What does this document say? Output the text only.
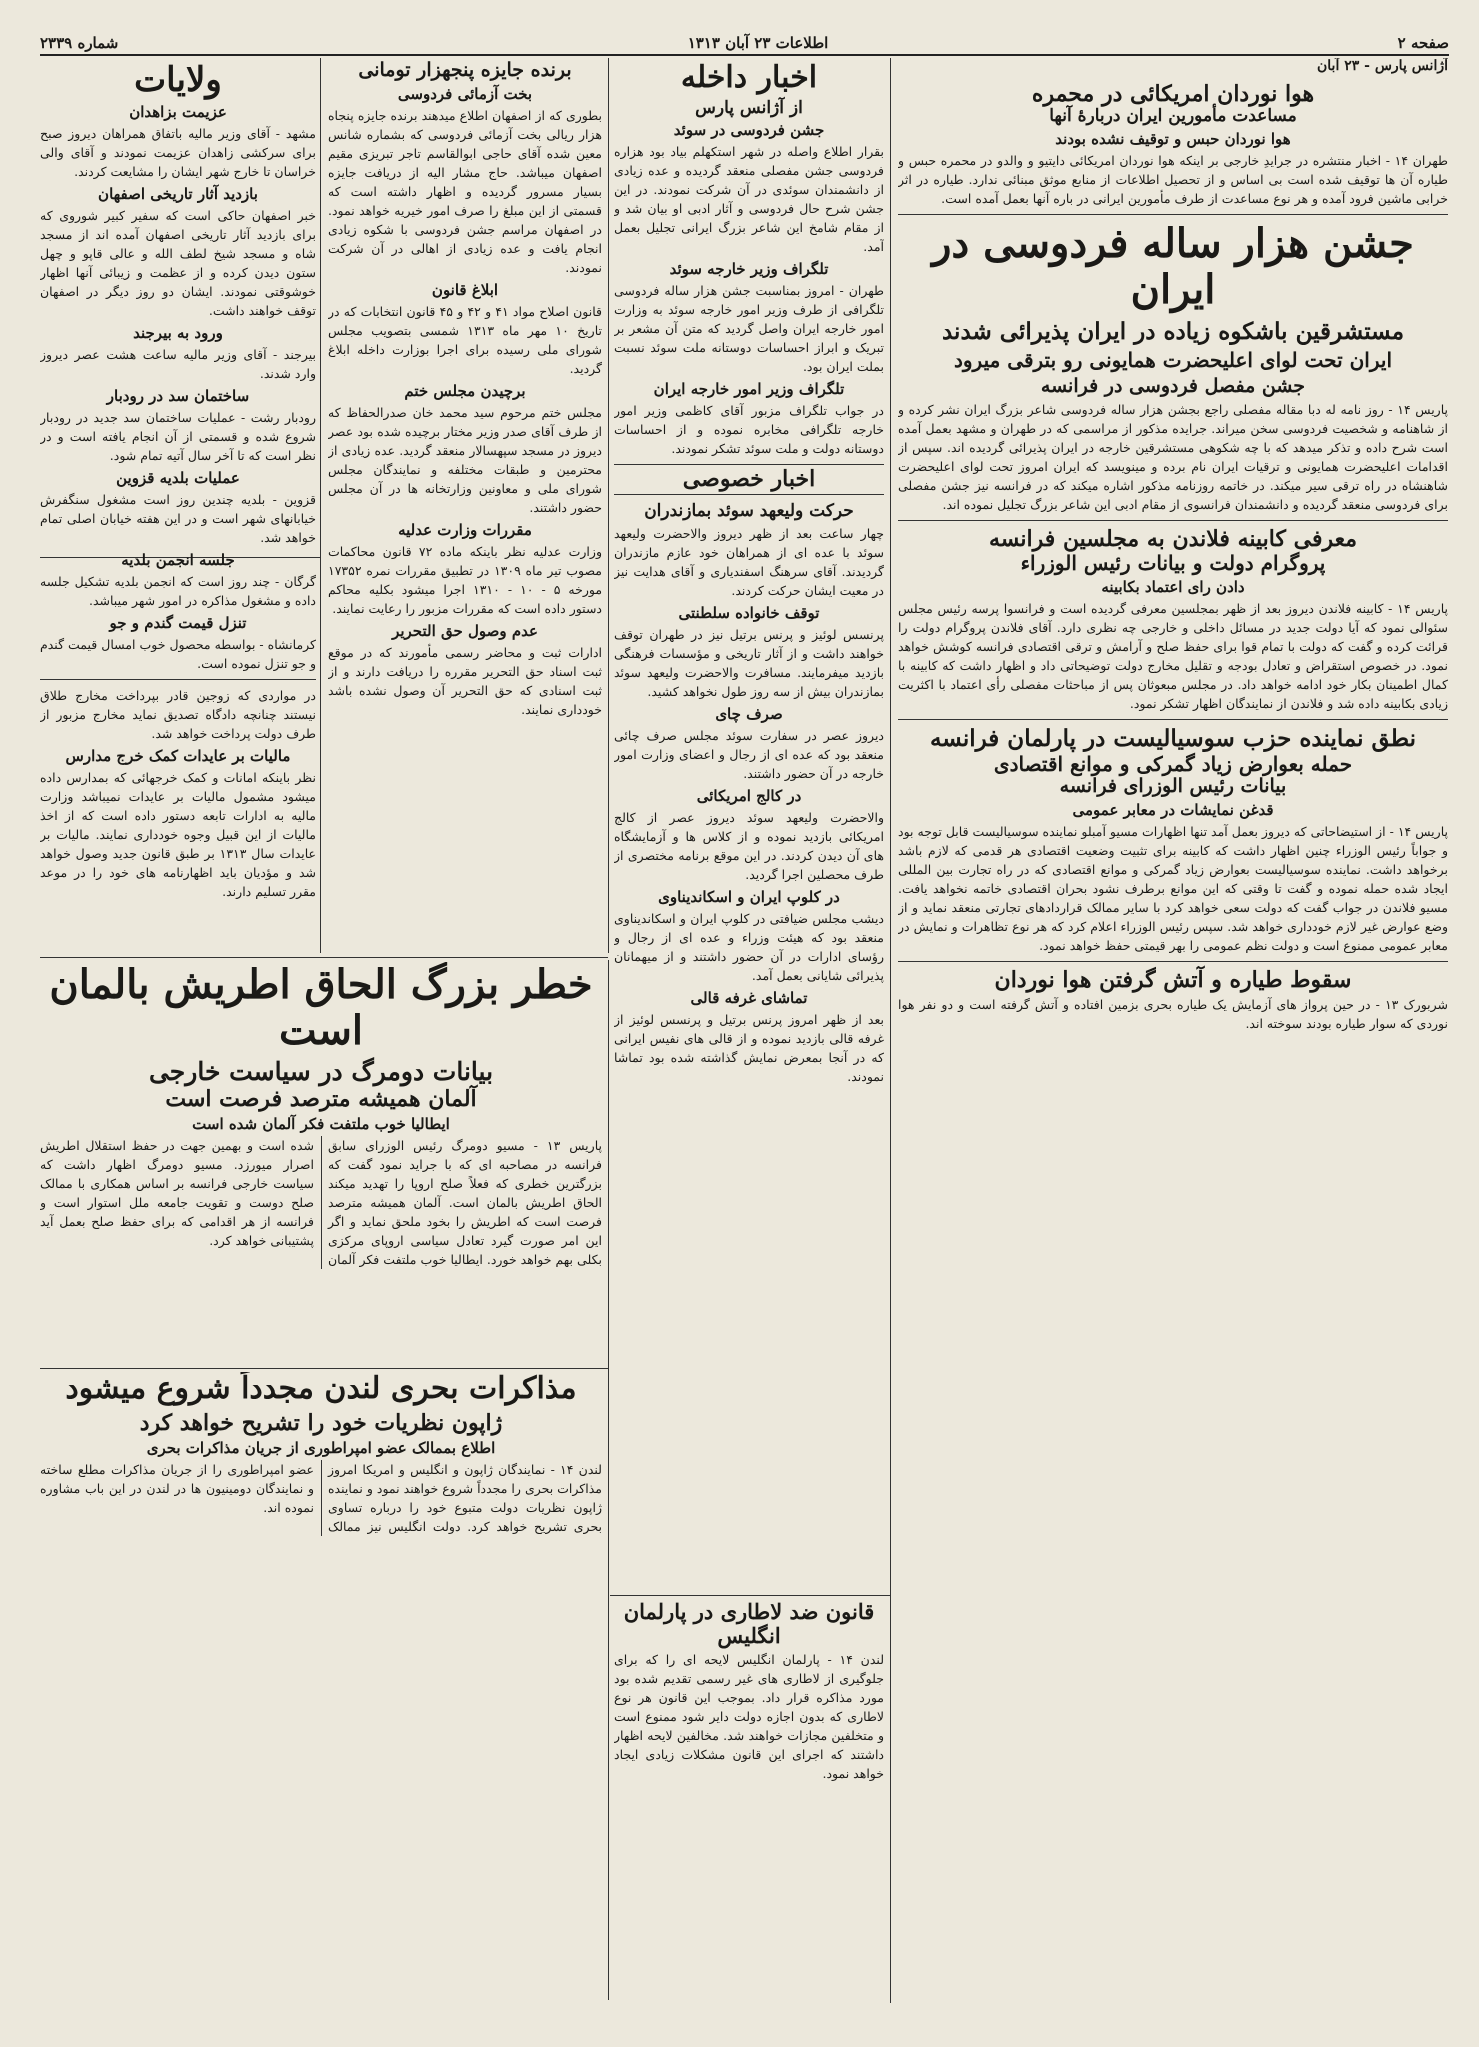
صفحه ۲
اطلاعات ۲۳ آبان ۱۳۱۳
شماره ۲۳۳۹
آژانس پارس - ۲۳ آبان
هوا نوردان امریکائی در محمره
مساعدت مأمورین ایران دربارهٔ آنها
هوا نوردان حبس و توقیف نشده بودند

طهران ۱۴ - اخبار منتشره در جرایدِ خارجی بر اینکه هوا نوردان امریکائی دایتیو و والدو در محمره حبس و طیاره آن ها توقیف شده است بی اساس و از تحصیل اطلاعات از منابع موثق مبنائی ندارد. طیاره در اثر خرابی ماشین فرود آمده و هر نوع مساعدت از طرف مأمورین ایرانی در باره آنها بعمل آمده است.

جشن هزار ساله فردوسی در ایران
مستشرقین باشکوه زیاده در ایران پذیرائی شدند
ایران تحت لوای اعلیحضرت همایونی رو بترقی میرود
جشن مفصل فردوسی در فرانسه

پاریس ۱۴ - روز نامه له دبا مقاله مفصلی راجع بجشن هزار ساله فردوسی شاعر بزرگ ایران نشر کرده و از شاهنامه و شخصیت فردوسی سخن میراند. جرایده مذکور از مراسمی که در طهران و مشهد بعمل آمده است شرح داده و تذکر میدهد که با چه شکوهی مستشرقین خارجه در ایران پذیرائی گردیده اند. سپس از اقدامات اعلیحضرت همایونی و ترقیات ایران نام برده و مینویسد که ایران امروز تحت لوای اعلیحضرت شاهنشاه در راه ترقی سیر میکند. در خاتمه روزنامه مذکور اشاره میکند که در فرانسه نیز جشن مفصلی برای فردوسی منعقد گردیده و دانشمندان فرانسوی از مقام ادبی این شاعر بزرگ تجلیل نموده اند.

معرفی کابینه فلاندن به مجلسین فرانسه
پروگرام دولت و بیانات رئیس الوزراء
دادن رای اعتماد بکابینه

پاریس ۱۴ - کابینه فلاندن دیروز بعد از ظهر بمجلسین معرفی گردیده است و فرانسوا پرسه رئیس مجلس سئوالی نمود که آیا دولت جدید در مسائل داخلی و خارجی چه نظری دارد. آقای فلاندن پروگرام دولت را قرائت کرده و گفت که دولت با تمام قوا برای حفظ صلح و آرامش و ترقی اقتصادی فرانسه کوشش خواهد نمود. در خصوص استقراض و تعادل بودجه و تقلیل مخارج دولت توضیحاتی داد و اظهار داشت که کابینه با کمال اطمینان بکار خود ادامه خواهد داد. در مجلس مبعوثان پس از مباحثات مفصلی رأی اعتماد با اکثریت زیادی بکابینه داده شد و فلاندن از نمایندگان اظهار تشکر نمود.

نطق نماینده حزب سوسیالیست در پارلمان فرانسه
حمله بعوارض زیاد گمرکی و موانع اقتصادی
بیانات رئیس الوزرای فرانسه
قدغن نمایشات در معابر عمومی

پاریس ۱۴ - از استیضاحاتی که دیروز بعمل آمد تنها اظهارات مسیو آمبلو نماینده سوسیالیست قابل توجه بود و جواباً رئیس الوزراء چنین اظهار داشت که کابینه برای تثبیت وضعیت اقتصادی هر قدمی که لازم باشد برخواهد داشت. نماینده سوسیالیست بعوارض زیاد گمرکی و موانع اقتصادی که در راه تجارت بین المللی ایجاد شده حمله نموده و گفت تا وقتی که این موانع برطرف نشود بحران اقتصادی خاتمه نخواهد یافت. مسیو فلاندن در جواب گفت که دولت سعی خواهد کرد با سایر ممالک قراردادهای تجارتی منعقد نماید و از وضع عوارض غیر لازم خودداری خواهد شد. سپس رئیس الوزراء اعلام کرد که هر نوع تظاهرات و نمایش در معابر عمومی ممنوع است و دولت نظم عمومی را بهر قیمتی حفظ خواهد نمود.

سقوط طیاره و آتش گرفتن هوا نوردان

شربورک ۱۳ - در حین پرواز های آزمایش یک طیاره بحری بزمین افتاده و آتش گرفته است و دو نفر هوا نوردی که سوار طیاره بودند سوخته اند.

اخبار داخله
از آژانس پارس
جشن فردوسی در سوئد

بقرار اطلاع واصله در شهر استکهلم بیاد بود هزاره فردوسی جشن مفصلی منعقد گردیده و عده زیادی از دانشمندان سوئدی در آن شرکت نمودند. در این جشن شرح حال فردوسی و آثار ادبی او بیان شد و از مقام شامخ این شاعر بزرگ ایرانی تجلیل بعمل آمد.

تلگراف وزیر خارجه سوئد

طهران - امروز بمناسبت جشن هزار ساله فردوسی تلگرافی از طرف وزیر امور خارجه سوئد به وزارت امور خارجه ایران واصل گردید که متن آن مشعر بر تبریک و ابراز احساسات دوستانه ملت سوئد نسبت بملت ایران بود.

تلگراف وزیر امور خارجه ایران

در جواب تلگراف مزبور آقای کاظمی وزیر امور خارجه تلگرافی مخابره نموده و از احساسات دوستانه دولت و ملت سوئد تشکر نمودند.

اخبار خصوصی
حرکت ولیعهد سوئد بمازندران

چهار ساعت بعد از ظهر دیروز والاحضرت ولیعهد سوئد با عده ای از همراهان خود عازم مازندران گردیدند. آقای سرهنگ اسفندیاری و آقای هدایت نیز در معیت ایشان حرکت کردند.

توقف خانواده سلطنتی

پرنسس لوئیز و پرنس برتیل نیز در طهران توقف خواهند داشت و از آثار تاریخی و مؤسسات فرهنگی بازدید میفرمایند. مسافرت والاحضرت ولیعهد سوئد بمازندران بیش از سه روز طول نخواهد کشید.

صرف چای

دیروز عصر در سفارت سوئد مجلس صرف چائی منعقد بود که عده ای از رجال و اعضای وزارت امور خارجه در آن حضور داشتند.

در کالج امریکائی

والاحضرت ولیعهد سوئد دیروز عصر از کالج امریکائی بازدید نموده و از کلاس ها و آزمایشگاه های آن دیدن کردند. در این موقع برنامه مختصری از طرف محصلین اجرا گردید.

در کلوپ ایران و اسکاندیناوی

دیشب مجلس ضیافتی در کلوپ ایران و اسکاندیناوی منعقد بود که هیئت وزراء و عده ای از رجال و رؤسای ادارات در آن حضور داشتند و از میهمانان پذیرائی شایانی بعمل آمد.

تماشای غرفه قالی

بعد از ظهر امروز پرنس برتیل و پرنسس لوئیز از غرفه قالی بازدید نموده و از قالی های نفیس ایرانی که در آنجا بمعرض نمایش گذاشته شده بود تماشا نمودند.

برنده جایزه پنجهزار تومانی
بخت آزمائی فردوسی

بطوری که از اصفهان اطلاع میدهند برنده جایزه پنجاه هزار ریالی بخت آزمائی فردوسی که بشماره شانس معین شده آقای حاجی ابوالقاسم تاجر تبریزی مقیم اصفهان میباشد. حاج مشار الیه از دریافت جایزه بسیار مسرور گردیده و اظهار داشته است که قسمتی از این مبلغ را صرف امور خیریه خواهد نمود. در اصفهان مراسم جشن فردوسی با شکوه زیادی انجام یافت و عده زیادی از اهالی در آن شرکت نمودند.

ابلاغ قانون

قانون اصلاح مواد ۴۱ و ۴۲ و ۴۵ قانون انتخابات که در تاریخ ۱۰ مهر ماه ۱۳۱۳ شمسی بتصویب مجلس شورای ملی رسیده برای اجرا بوزارت داخله ابلاغ گردید.

برچیدن مجلس ختم

مجلس ختم مرحوم سید محمد خان صدرالحفاظ که از طرف آقای صدر وزیر مختار برچیده شده بود عصر دیروز در مسجد سپهسالار منعقد گردید. عده زیادی از محترمین و طبقات مختلفه و نمایندگان مجلس شورای ملی و معاونین وزارتخانه ها در آن مجلس حضور داشتند.

مقررات وزارت عدلیه

وزارت عدلیه نظر باینکه ماده ۷۲ قانون محاکمات مصوب تیر ماه ۱۳۰۹ در تطبیق مقررات نمره ۱۷۳۵۲ مورخه ۵ - ۱۰ - ۱۳۱۰ اجرا میشود بکلیه محاکم دستور داده است که مقررات مزبور را رعایت نمایند.

عدم وصول حق التحریر

ادارات ثبت و محاضر رسمی مأمورند که در موقع ثبت اسناد حق التحریر مقرره را دریافت دارند و از ثبت اسنادی که حق التحریر آن وصول نشده باشد خودداری نمایند.

ولایات
عزیمت بزاهدان

مشهد - آقای وزیر مالیه باتفاق همراهان دیروز صبح برای سرکشی زاهدان عزیمت نمودند و آقای والی خراسان تا خارج شهر ایشان را مشایعت کردند.

بازدید آثار تاریخی اصفهان

خبر اصفهان حاکی است که سفیر کبیر شوروی که برای بازدید آثار تاریخی اصفهان آمده اند از مسجد شاه و مسجد شیخ لطف الله و عالی قاپو و چهل ستون دیدن کرده و از عظمت و زیبائی آنها اظهار خوشوقتی نمودند. ایشان دو روز دیگر در اصفهان توقف خواهند داشت.

ورود به بیرجند

بیرجند - آقای وزیر مالیه ساعت هشت عصر دیروز وارد شدند.

ساختمان سد در رودبار

رودبار رشت - عملیات ساختمان سد جدید در رودبار شروع شده و قسمتی از آن انجام یافته است و در نظر است که تا آخر سال آتیه تمام شود.

عملیات بلدیه قزوین

قزوین - بلدیه چندین روز است مشغول سنگفرش خیابانهای شهر است و در این هفته خیابان اصلی تمام خواهد شد.

جلسه انجمن بلدیه

گرگان - چند روز است که انجمن بلدیه تشکیل جلسه داده و مشغول مذاکره در امور شهر میباشد.

تنزل قیمت گندم و جو

کرمانشاه - بواسطه محصول خوب امسال قیمت گندم و جو تنزل نموده است.

در مواردی که زوجین قادر بپرداخت مخارج طلاق نیستند چنانچه دادگاه تصدیق نماید مخارج مزبور از طرف دولت پرداخت خواهد شد.

مالیات بر عایدات کمک خرج مدارس

نظر باینکه امانات و کمک خرجهائی که بمدارس داده میشود مشمول مالیات بر عایدات نمیباشد وزارت مالیه به ادارات تابعه دستور داده است که از اخذ مالیات از این قبیل وجوه خودداری نمایند. مالیات بر عایدات سال ۱۳۱۳ بر طبق قانون جدید وصول خواهد شد و مؤدیان باید اظهارنامه های خود را در موعد مقرر تسلیم دارند.

خطر بزرگ الحاق اطریش بالمان است
بیانات دومرگ در سیاست خارجی
آلمان همیشه مترصد فرصت است
ایطالیا خوب ملتفت فکر آلمان شده است

پاریس ۱۳ - مسیو دومرگ رئیس الوزرای سابق فرانسه در مصاحبه ای که با جراید نمود گفت که بزرگترین خطری که فعلاً صلح اروپا را تهدید میکند الحاق اطریش بالمان است. آلمان همیشه مترصد فرصت است که اطریش را بخود ملحق نماید و اگر این امر صورت گیرد تعادل سیاسی اروپای مرکزی بکلی بهم خواهد خورد. ایطالیا خوب ملتفت فکر آلمان شده است و بهمین جهت در حفظ استقلال اطریش اصرار میورزد. مسیو دومرگ اظهار داشت که سیاست خارجی فرانسه بر اساس همکاری با ممالک صلح دوست و تقویت جامعه ملل استوار است و فرانسه از هر اقدامی که برای حفظ صلح بعمل آید پشتیبانی خواهد کرد.

مذاکرات بحری لندن مجدداً شروع میشود
ژاپون نظریات خود را تشریح خواهد کرد
اطلاع بممالک عضو امپراطوری از جریان مذاکرات بحری

لندن ۱۴ - نمایندگان ژاپون و انگلیس و امریکا امروز مذاکرات بحری را مجدداً شروع خواهند نمود و نماینده ژاپون نظریات دولت متبوع خود را درباره تساوی بحری تشریح خواهد کرد. دولت انگلیس نیز ممالک عضو امپراطوری را از جریان مذاکرات مطلع ساخته و نمایندگان دومینیون ها در لندن در این باب مشاوره نموده اند.

قانون ضد لاطاری در پارلمان انگلیس

لندن ۱۴ - پارلمان انگلیس لایحه ای را که برای جلوگیری از لاطاری های غیر رسمی تقدیم شده بود مورد مذاکره قرار داد. بموجب این قانون هر نوع لاطاری که بدون اجازه دولت دایر شود ممنوع است و متخلفین مجازات خواهند شد. مخالفین لایحه اظهار داشتند که اجرای این قانون مشکلات زیادی ایجاد خواهد نمود.
